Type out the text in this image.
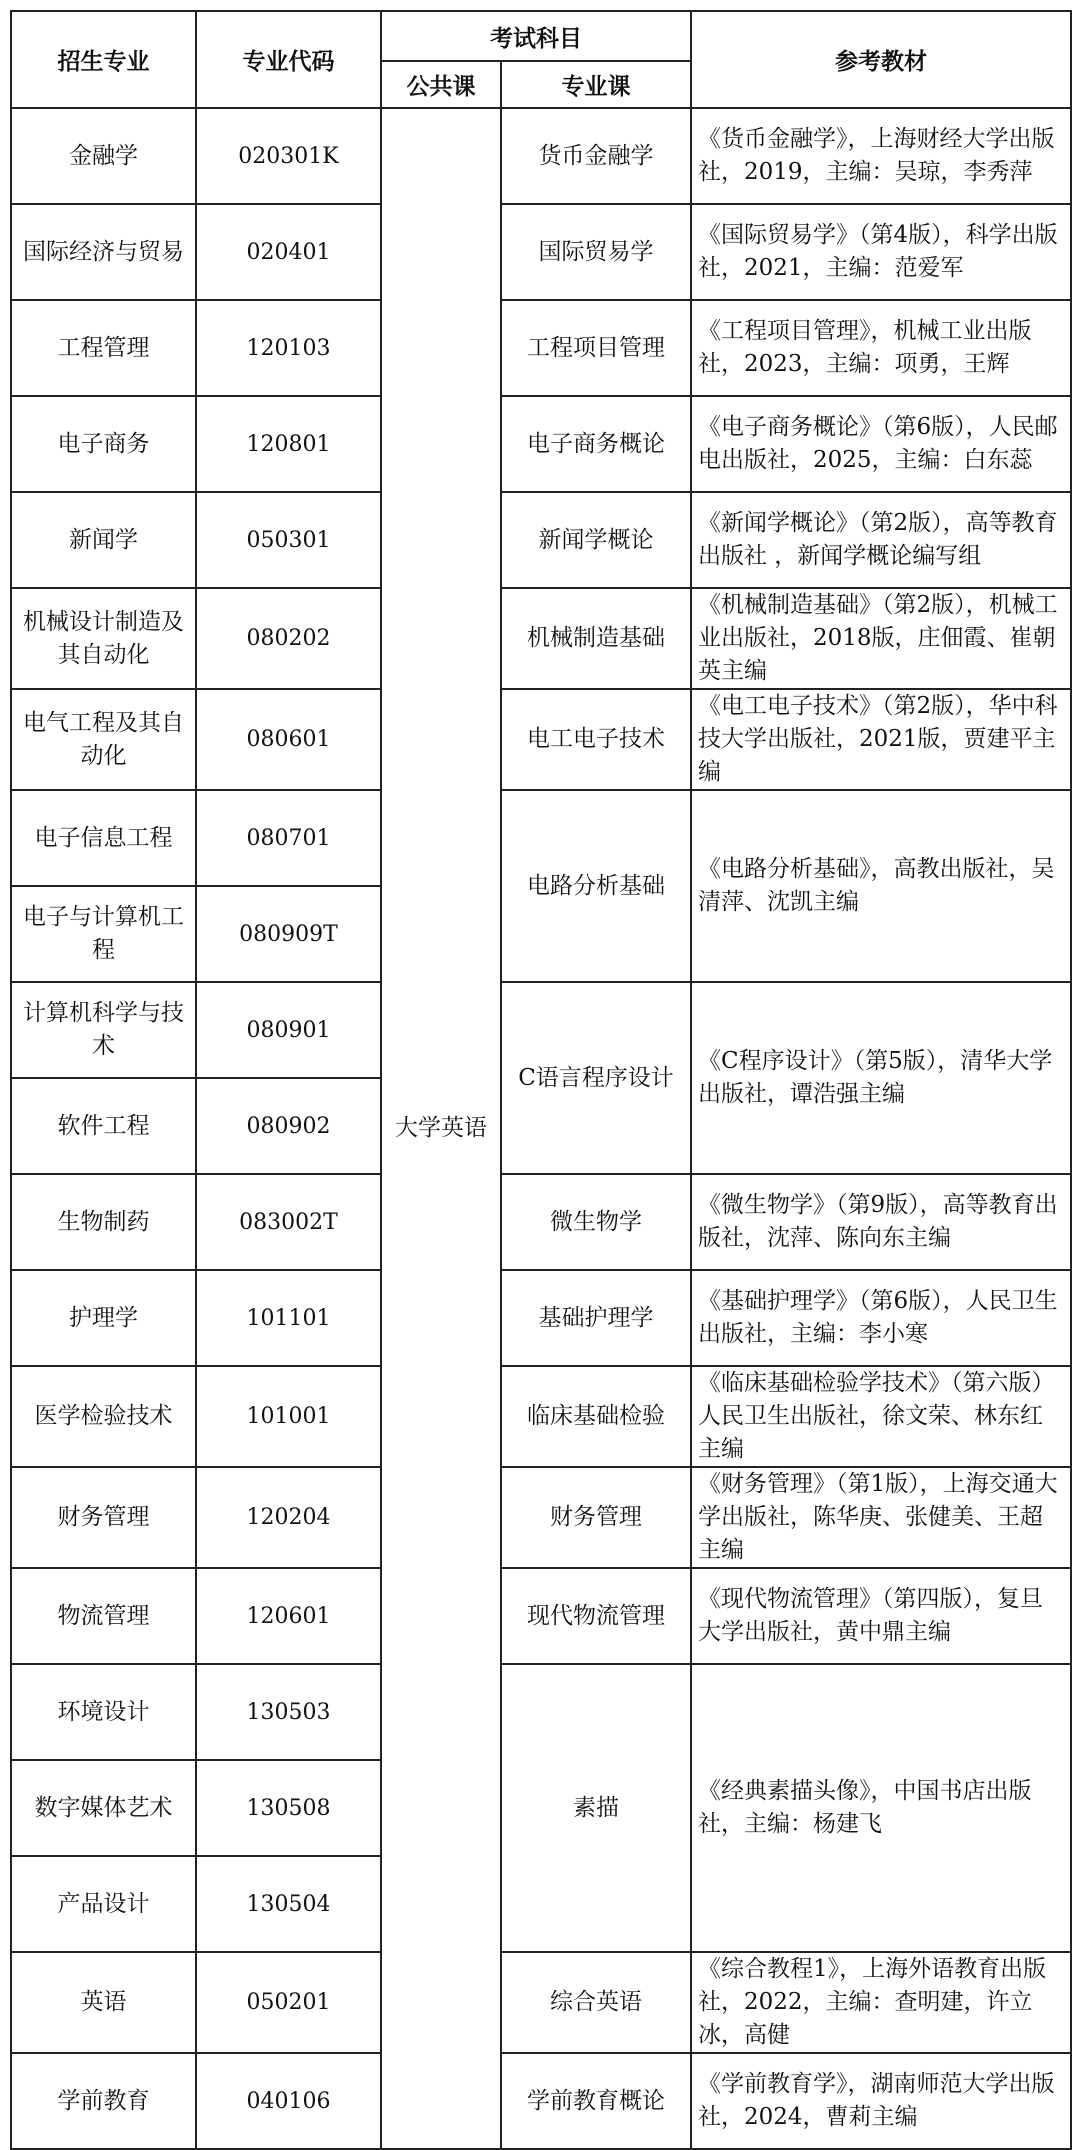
招生专业	专业代码	考试科目		参考教材
		公共课	专业课	
金融学	020301K	大学英语	货币金融学	《货币金融学》，上海财经大学出版社，2019，主编：吴琼，李秀萍
国际经济与贸易	020401		国际贸易学	《国际贸易学》（第4版），科学出版社，2021，主编：范爱军
工程管理	120103		工程项目管理	《工程项目管理》，机械工业出版社，2023，主编：项勇，王辉
电子商务	120801		电子商务概论	《电子商务概论》（第6版），人民邮电出版社，2025，主编：白东蕊
新闻学	050301		新闻学概论	《新闻学概论》（第2版），高等教育出版社 ，新闻学概论编写组
机械设计制造及其自动化	080202		机械制造基础	《机械制造基础》（第2版），机械工业出版社，2018版，庄佃霞、崔朝英主编
电气工程及其自动化	080601		电工电子技术	《电工电子技术》（第2版），华中科技大学出版社，2021版，贾建平主编
电子信息工程	080701		电路分析基础	《电路分析基础》，高教出版社，吴清萍、沈凯主编
电子与计算机工程	080909T			
计算机科学与技术	080901		C语言程序设计	《C程序设计》（第5版），清华大学出版社，谭浩强主编
软件工程	080902			
生物制药	083002T		微生物学	《微生物学》（第9版），高等教育出版社，沈萍、陈向东主编
护理学	101101		基础护理学	《基础护理学》（第6版），人民卫生出版社，主编：李小寒
医学检验技术	101001		临床基础检验	《临床基础检验学技术》（第六版）人民卫生出版社，徐文荣、林东红主编
财务管理	120204		财务管理	《财务管理》（第1版），上海交通大学出版社，陈华庚、张健美、王超主编
物流管理	120601		现代物流管理	《现代物流管理》（第四版），复旦大学出版社，黄中鼎主编
环境设计	130503		素描	《经典素描头像》，中国书店出版社，主编：杨建飞
数字媒体艺术	130508			
产品设计	130504			
英语	050201		综合英语	《综合教程1》，上海外语教育出版社，2022，主编：查明建，许立冰，高健
学前教育	040106		学前教育概论	《学前教育学》，湖南师范大学出版社，2024，曹莉主编
